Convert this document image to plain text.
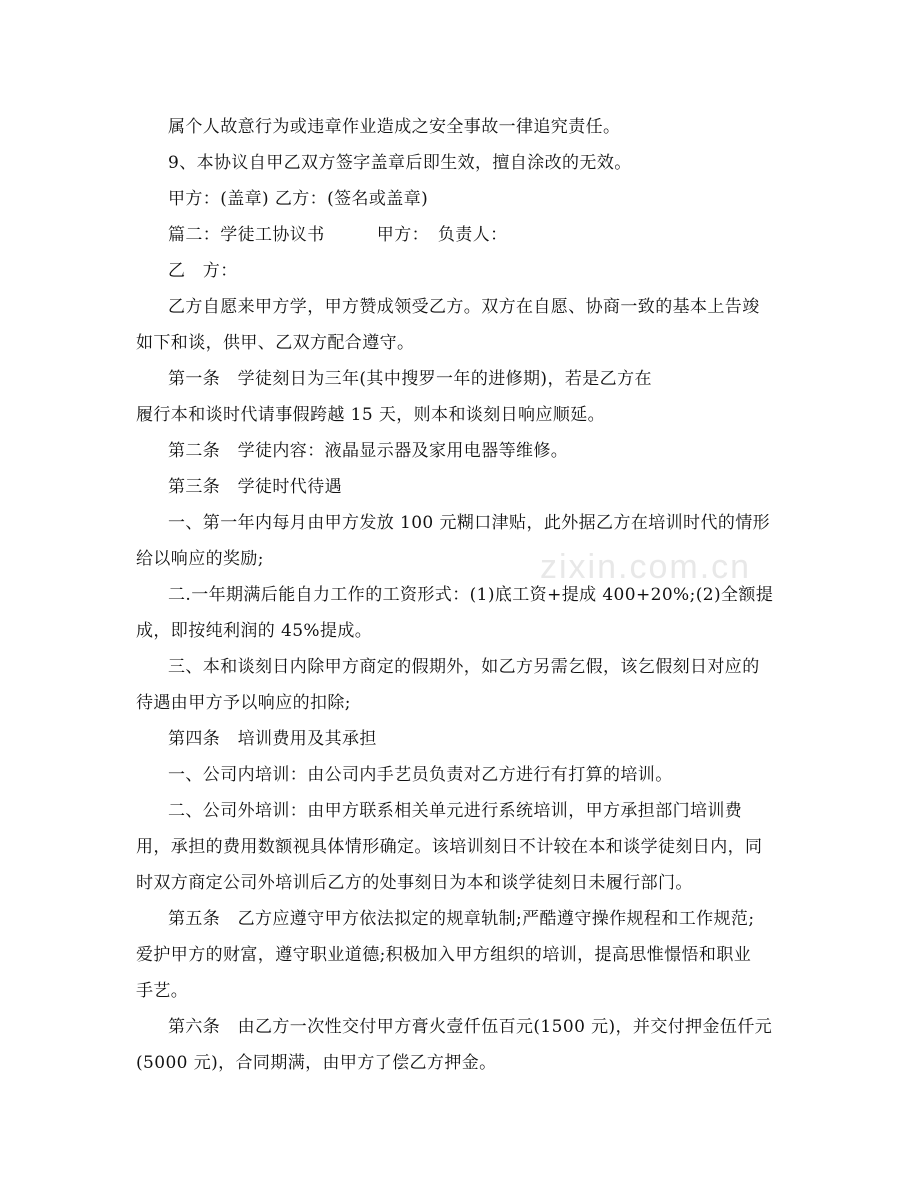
zixin.com.cn
属个人故意行为或违章作业造成之安全事故一律追究责任。
9、本协议自甲乙双方签字盖章后即生效，擅自涂改的无效。
甲方：(盖章) 乙方：(签名或盖章)
篇二：学徒工协议书　　　甲方：　负责人：
乙　方：
乙方自愿来甲方学，甲方赞成领受乙方。双方在自愿、协商一致的基本上告竣
如下和谈，供甲、乙双方配合遵守。
第一条　学徒刻日为三年(其中搜罗一年的进修期)，若是乙方在
履行本和谈时代请事假跨越 15 天，则本和谈刻日响应顺延。
第二条　学徒内容：液晶显示器及家用电器等维修。
第三条　学徒时代待遇
一、第一年内每月由甲方发放 100 元糊口津贴，此外据乙方在培训时代的情形
给以响应的奖励;
二.一年期满后能自力工作的工资形式：(1)底工资+提成 400+20%;(2)全额提
成，即按纯利润的 45%提成。
三、本和谈刻日内除甲方商定的假期外，如乙方另需乞假，该乞假刻日对应的
待遇由甲方予以响应的扣除;
第四条　培训费用及其承担
一、公司内培训：由公司内手艺员负责对乙方进行有打算的培训。
二、公司外培训：由甲方联系相关单元进行系统培训，甲方承担部门培训费
用，承担的费用数额视具体情形确定。该培训刻日不计较在本和谈学徒刻日内，同
时双方商定公司外培训后乙方的处事刻日为本和谈学徒刻日未履行部门。
第五条　乙方应遵守甲方依法拟定的规章轨制;严酷遵守操作规程和工作规范;
爱护甲方的财富，遵守职业道德;积极加入甲方组织的培训，提高思惟憬悟和职业
手艺。
第六条　由乙方一次性交付甲方膏火壹仟伍百元(1500 元)，并交付押金伍仟元
(5000 元)，合同期满，由甲方了偿乙方押金。
